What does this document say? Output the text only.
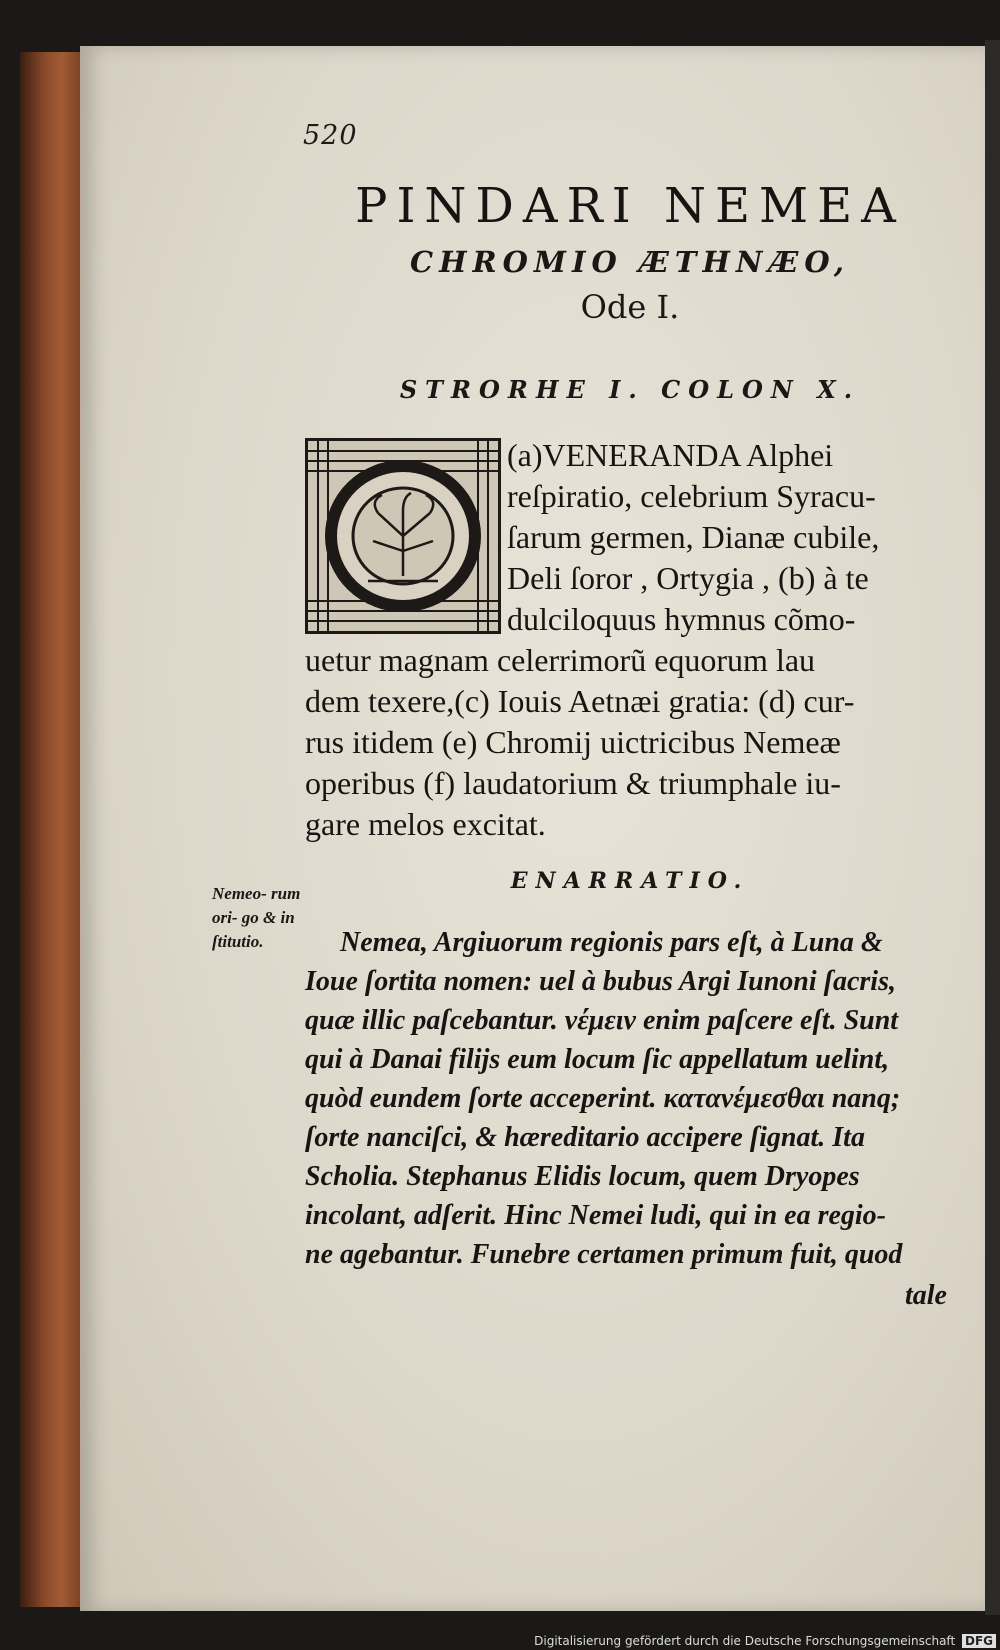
520
PINDARI NEMEA
CHROMIO ÆTHNÆO,
Ode I.
STRORHE I. COLON X.
(a)VENERANDA Alphei
reſpiratio, celebrium Syracu-
ſarum germen, Dianæ cubile,
Deli ſoror , Ortygia , (b) à te
dulciloquus hymnus cõmo-
uetur magnam celerrimorũ equorum lau
dem texere,(c) Iouis Aetnæi gratia: (d) cur-
rus itidem (e) Chromij uictricibus Nemeæ
operibus (f) laudatorium & triumphale iu-
gare melos excitat.
ENARRATIO.
Nemeo- rum ori- go & in ſtitutio.	Nemea, Argiuorum regionis pars eſt, à Luna &
Ioue ſortita nomen: uel à bubus Argi Iunoni ſacris,
quæ illic paſcebantur. νέμειν enim paſcere eſt. Sunt
qui à Danai filijs eum locum ſic appellatum uelint,
quòd eundem ſorte acceperint. κατανέμεσθαι nanq;
ſorte nanciſci, & hæreditario accipere ſignat. Ita
Scholia. Stephanus Elidis locum, quem Dryopes
incolant, adſerit. Hinc Nemei ludi, qui in ea regio-
ne agebantur. Funebre certamen primum fuit, quod
tale
Digitalisierung gefördert durch die Deutsche Forschungsgemeinschaft DFG
